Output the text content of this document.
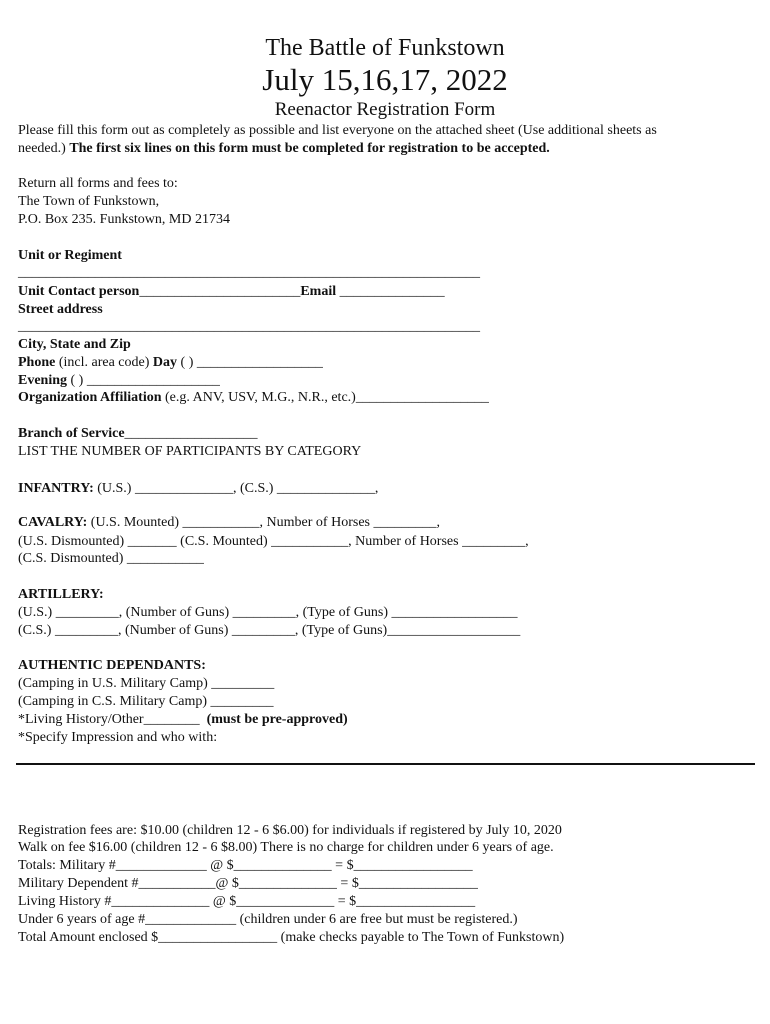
The Battle of Funkstown
July 15,16,17, 2022
Reenactor Registration Form
Please fill this form out as completely as possible and list everyone on the attached sheet (Use additional sheets as
needed.) The first six lines on this form must be completed for registration to be accepted.
Return all forms and fees to:
The Town of Funkstown,
P.O. Box 235. Funkstown, MD 21734
Unit or Regiment
__________________________________________________________________
Unit Contact person_______________________Email _______________
Street address
__________________________________________________________________
City, State and Zip
Phone (incl. area code) Day ( ) __________________
Evening ( ) ___________________
Organization Affiliation (e.g. ANV, USV, M.G., N.R., etc.)___________________
Branch of Service___________________
LIST THE NUMBER OF PARTICIPANTS BY CATEGORY
INFANTRY: (U.S.) ______________, (C.S.) ______________,
CAVALRY: (U.S. Mounted) ___________, Number of Horses _________,
(U.S. Dismounted) _______ (C.S. Mounted) ___________, Number of Horses _________,
(C.S. Dismounted) ___________
ARTILLERY:
(U.S.) _________, (Number of Guns) _________, (Type of Guns) __________________
(C.S.) _________, (Number of Guns) _________, (Type of Guns)___________________
AUTHENTIC DEPENDANTS:
(Camping in U.S. Military Camp) _________
(Camping in C.S. Military Camp) _________
*Living History/Other________  (must be pre-approved)
*Specify Impression and who with:
Registration fees are: $10.00 (children 12 - 6 $6.00) for individuals if registered by July 10, 2020
Walk on fee $16.00 (children 12 - 6 $8.00) There is no charge for children under 6 years of age.
Totals: Military #_____________ @ $______________ = $_________________
Military Dependent #___________@ $______________ = $_________________
Living History #______________ @ $______________ = $_________________
Under 6 years of age #_____________ (children under 6 are free but must be registered.)
Total Amount enclosed $_________________ (make checks payable to The Town of Funkstown)
